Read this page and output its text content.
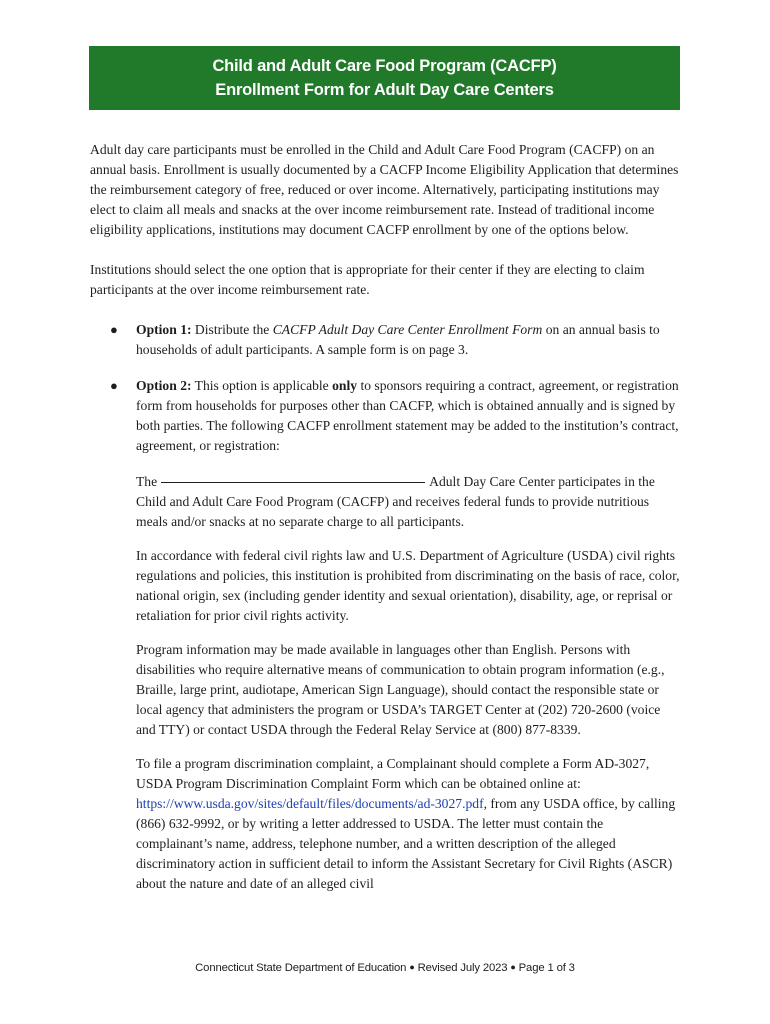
Child and Adult Care Food Program (CACFP)
Enrollment Form for Adult Day Care Centers

Adult day care participants must be enrolled in the Child and Adult Care Food Program (CACFP) on an annual basis. Enrollment is usually documented by a CACFP Income Eligibility Application that determines the reimbursement category of free, reduced or over income. Alternatively, participating institutions may elect to claim all meals and snacks at the over income reimbursement rate. Instead of traditional income eligibility applications, institutions may document CACFP enrollment by one of the options below.

Institutions should select the one option that is appropriate for their center if they are electing to claim participants at the over income reimbursement rate.

● Option 1: Distribute the CACFP Adult Day Care Center Enrollment Form on an annual basis to households of adult participants. A sample form is on page 3.
● Option 2: This option is applicable only to sponsors requiring a contract, agreement, or registration form from households for purposes other than CACFP, which is obtained annually and is signed by both parties. The following CACFP enrollment statement may be added to the institution’s contract, agreement, or registration:

The	Adult Day Care Center participates in the Child and Adult Care Food Program (CACFP) and receives federal funds to provide nutritious meals and/or snacks at no separate charge to all participants.

In accordance with federal civil rights law and U.S. Department of Agriculture (USDA) civil rights regulations and policies, this institution is prohibited from discriminating on the basis of race, color, national origin, sex (including gender identity and sexual orientation), disability, age, or reprisal or retaliation for prior civil rights activity.

Program information may be made available in languages other than English. Persons with disabilities who require alternative means of communication to obtain program information (e.g., Braille, large print, audiotape, American Sign Language), should contact the responsible state or local agency that administers the program or USDA’s TARGET Center at (202) 720-2600 (voice and TTY) or contact USDA through the Federal Relay Service at (800) 877-8339.

To file a program discrimination complaint, a Complainant should complete a Form AD-3027, USDA Program Discrimination Complaint Form which can be obtained online at: https://www.usda.gov/sites/default/files/documents/ad-3027.pdf, from any USDA office, by calling (866) 632-9992, or by writing a letter addressed to USDA. The letter must contain the complainant’s name, address, telephone number, and a written description of the alleged discriminatory action in sufficient detail to inform the Assistant Secretary for Civil Rights (ASCR) about the nature and date of an alleged civil

Connecticut State Department of Education ● Revised July 2023 ● Page 1 of 3
